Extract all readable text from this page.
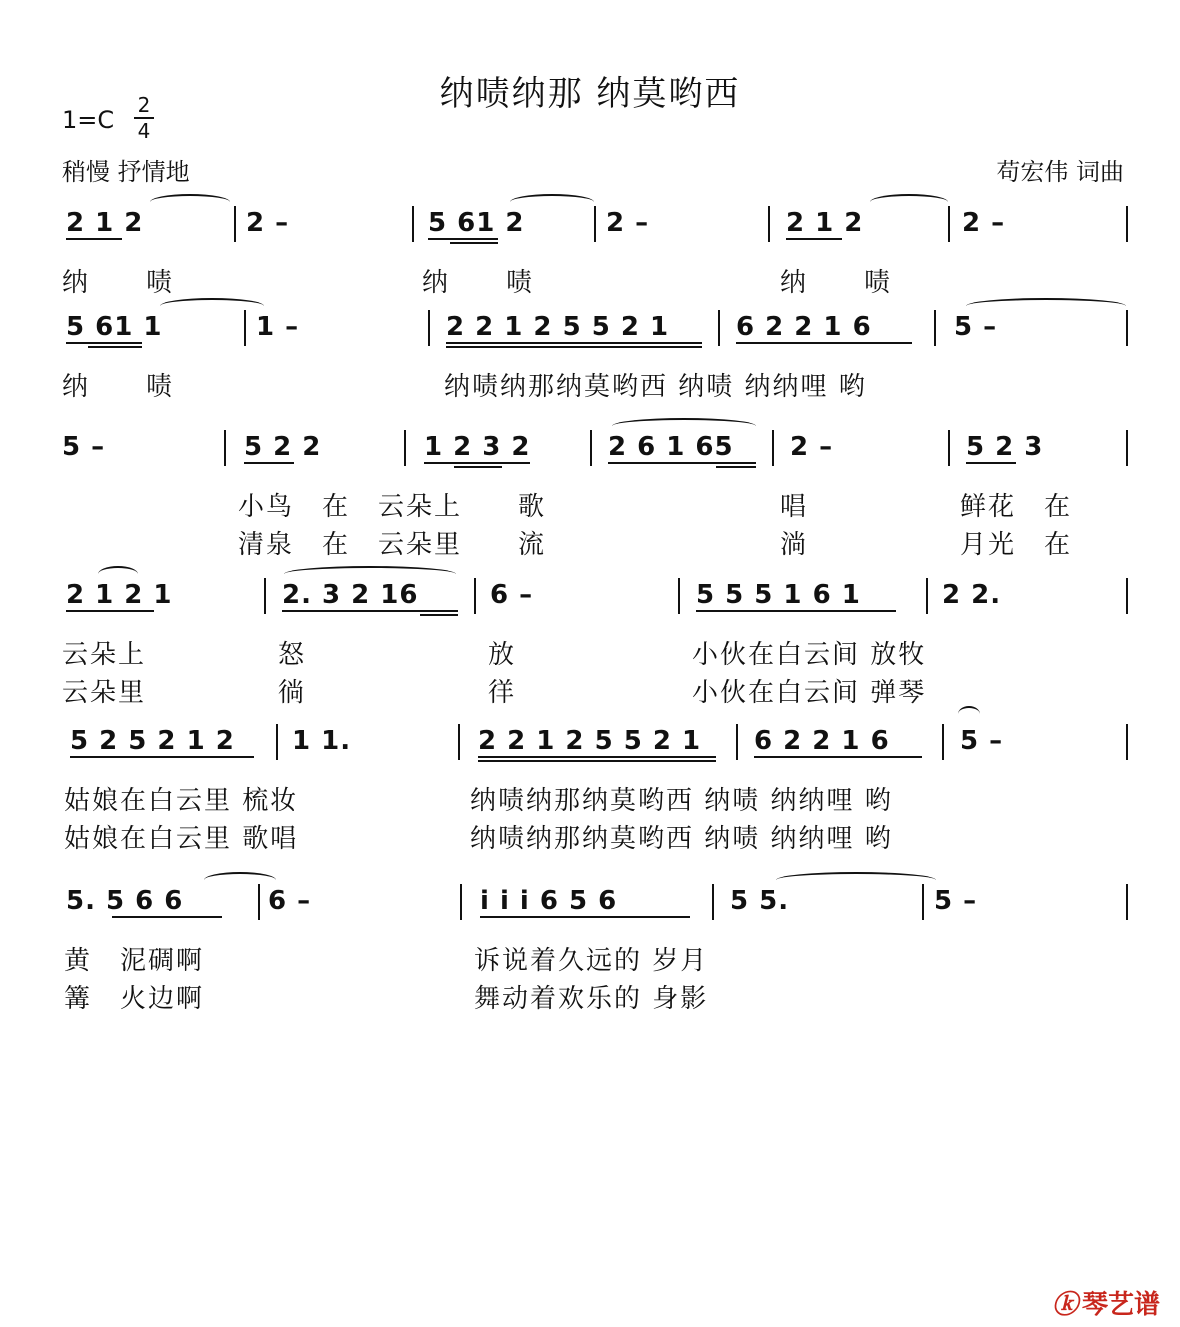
纳啧纳那 纳莫哟西
1=C
2
4
稍慢 抒情地	苟宏伟 词曲
2 1 2	2 –	5 61 2	2 –	2 1 2	2 –
纳　　啧	纳　　啧	纳　　啧
5 61 1	1 –	2 2 1 2 5 5 2 1	6 2 2 1 6	5 –
纳　　啧	纳啧纳那纳莫哟西 纳啧 纳纳哩 哟
5 –	5 2 2	1 2 3 2	2 6 1 65 2 –	5 2 3
小鸟　在　云朵上　　歌	唱	鲜花　在
清泉　在　云朵里　　流	淌	月光　在
2 1 2 1	2. 3 2 16	6 –	5 5 5 1 6 1	2 2.
云朵上	怒	放	小伙在白云间 放牧
云朵里	徜	徉	小伙在白云间 弹琴
5 2 5 2 1 2 1 1.	2 2 1 2 5 5 2 1 6 2 2 1 6	5 –
姑娘在白云里 梳妆	纳啧纳那纳莫哟西 纳啧 纳纳哩 哟
姑娘在白云里 歌唱	纳啧纳那纳莫哟西 纳啧 纳纳哩 哟
5. 5 6 6	6 –	i i i 6 5 6	5 5.	5 –
黄　泥碉啊	诉说着久远的 岁月
篝　火边啊	舞动着欢乐的 身影
ⓚ 琴艺谱
